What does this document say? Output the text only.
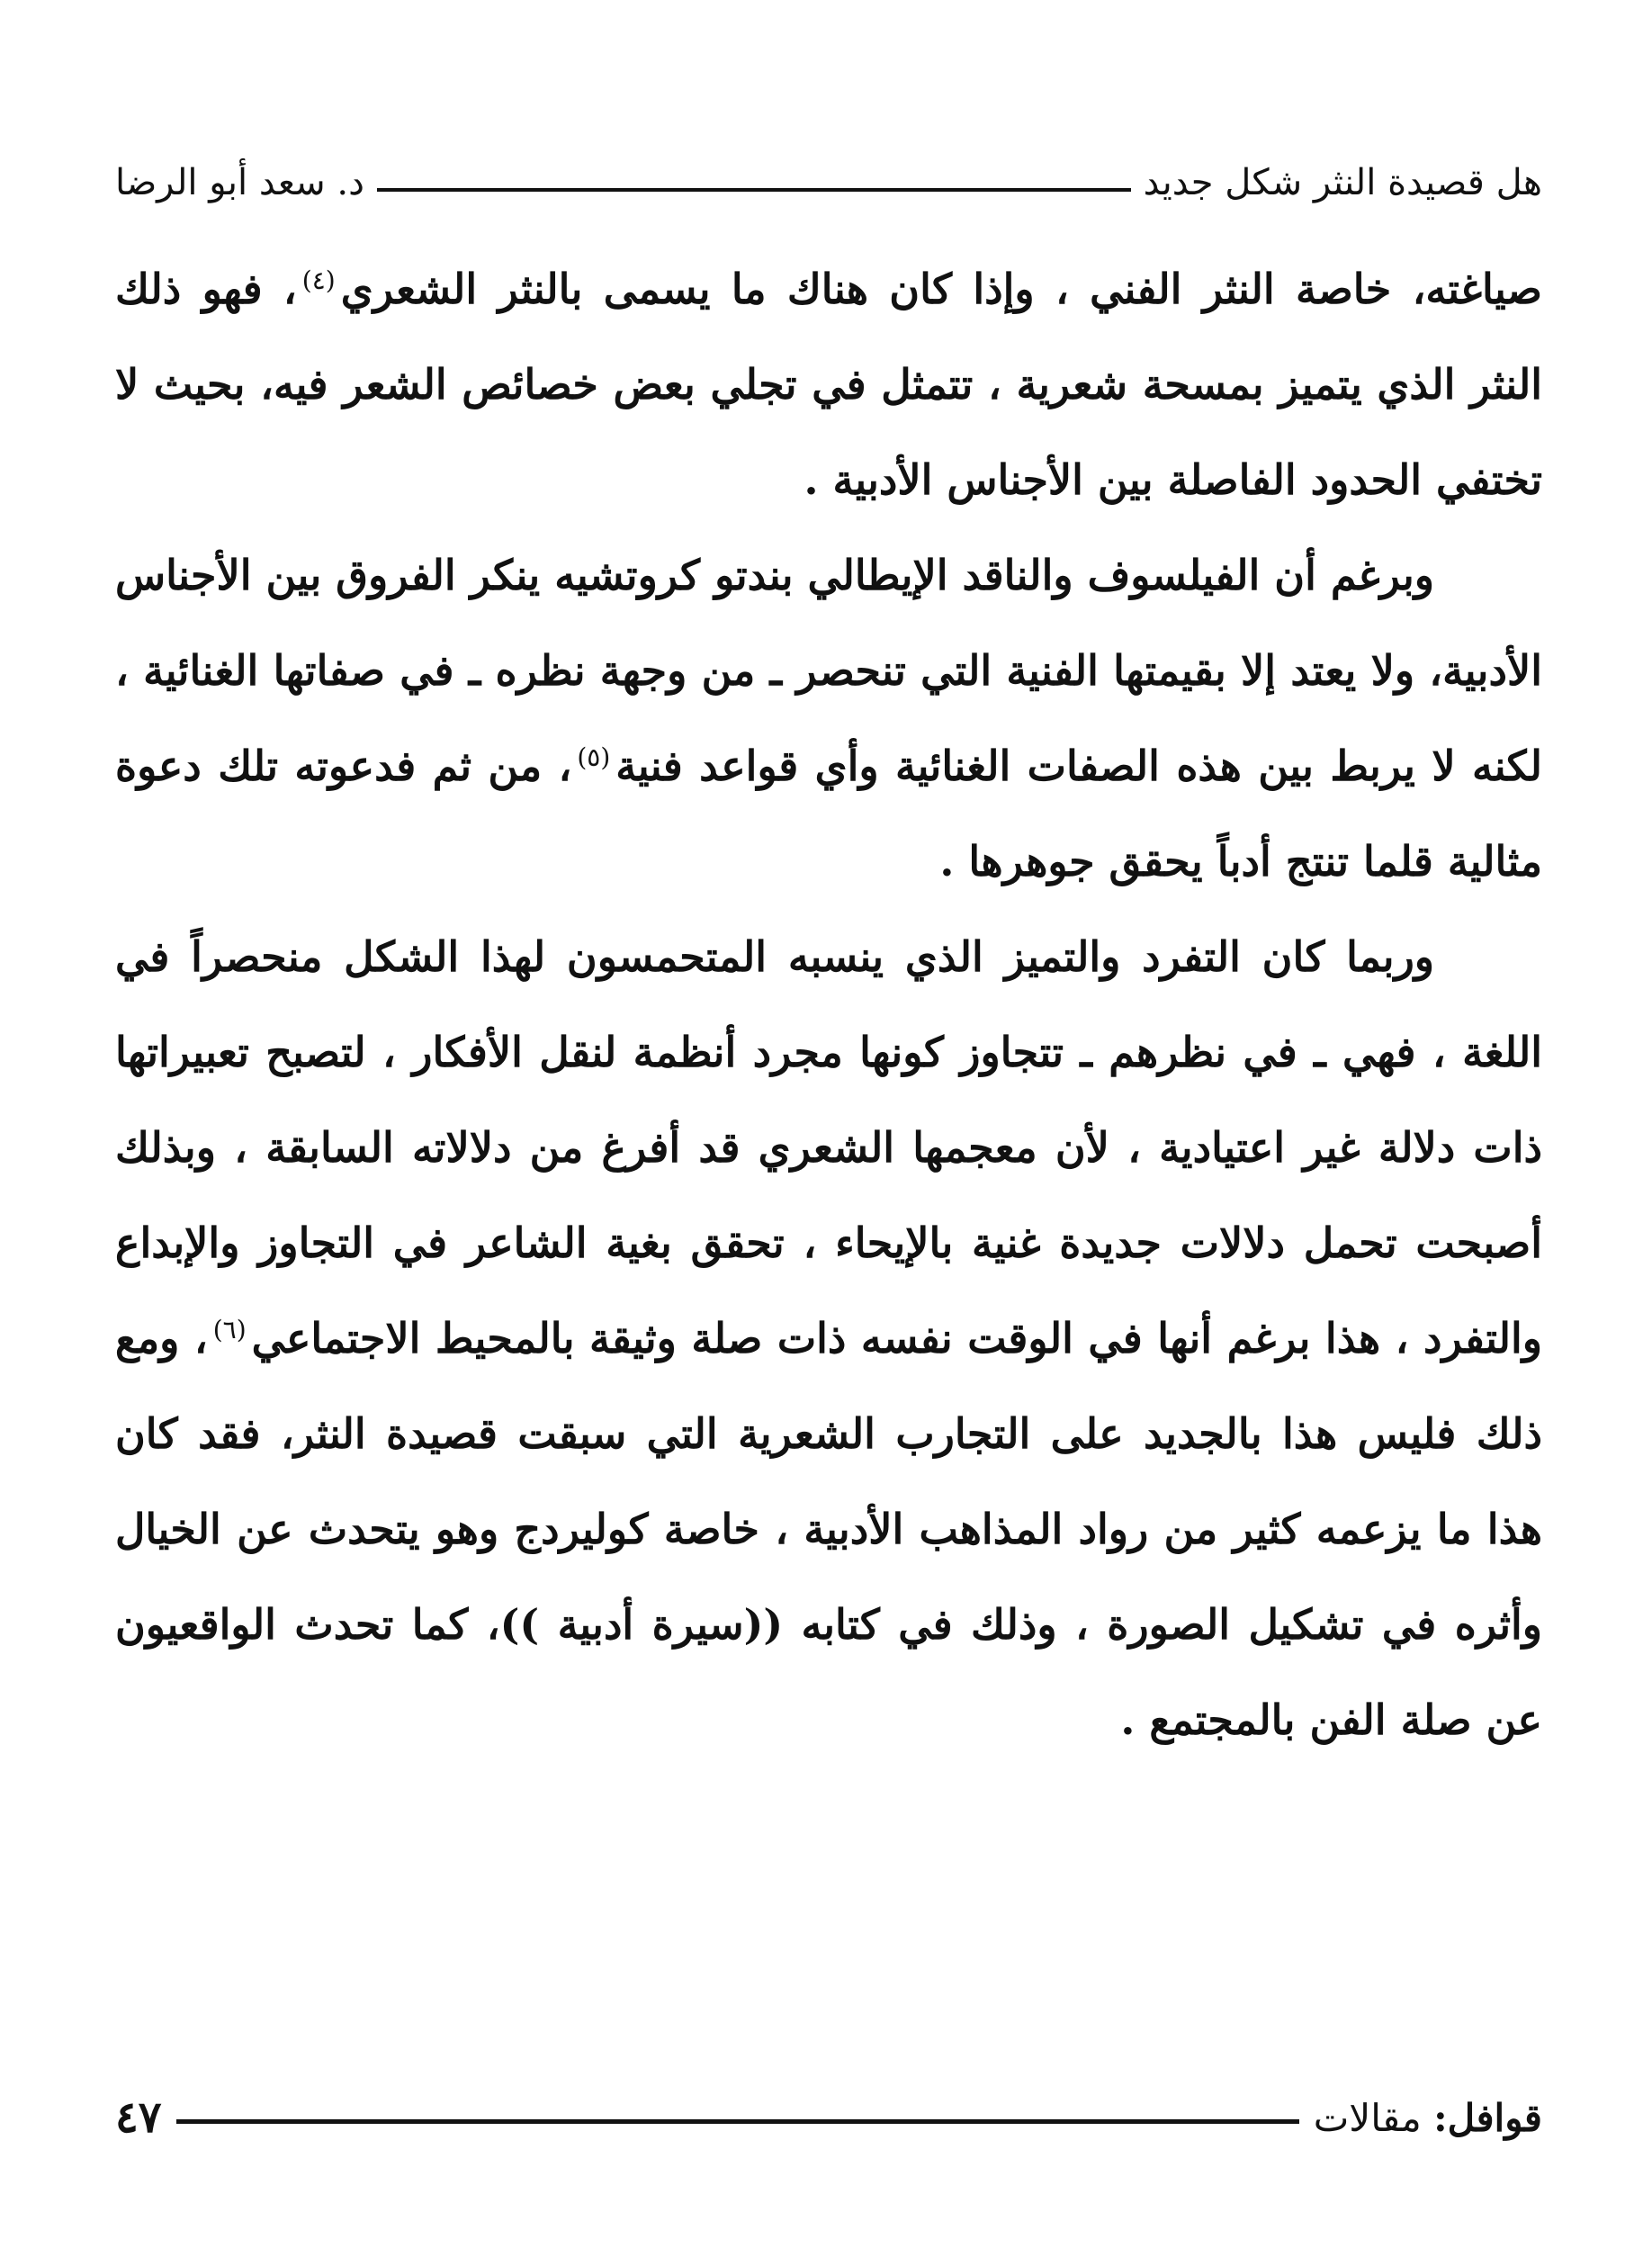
هل قصيدة النثر شكل جديد
د. سعد أبو الرضا

صياغته، خاصة النثر الفني ، وإذا كان هناك ما يسمى بالنثر الشعري$^{(٤)}$، فهو ذلك النثر الذي يتميز بمسحة شعرية ، تتمثل في تجلي بعض خصائص الشعر فيه، بحيث لا تختفي الحدود الفاصلة بين الأجناس الأدبية .

وبرغم أن الفيلسوف والناقد الإيطالي بندتو كروتشيه ينكر الفروق بين الأجناس الأدبية، ولا يعتد إلا بقيمتها الفنية التي تنحصر ـ من وجهة نظره ـ في صفاتها الغنائية ، لكنه لا يربط بين هذه الصفات الغنائية وأي قواعد فنية$^{(٥)}$، من ثم فدعوته تلك دعوة مثالية قلما تنتج أدباً يحقق جوهرها .

وربما كان التفرد والتميز الذي ينسبه المتحمسون لهذا الشكل منحصراً في اللغة ، فهي ـ في نظرهم ـ تتجاوز كونها مجرد أنظمة لنقل الأفكار ، لتصبح تعبيراتها ذات دلالة غير اعتيادية ، لأن معجمها الشعري قد أفرغ من دلالاته السابقة ، وبذلك أصبحت تحمل دلالات جديدة غنية بالإيحاء ، تحقق بغية الشاعر في التجاوز والإبداع والتفرد ، هذا برغم أنها في الوقت نفسه ذات صلة وثيقة بالمحيط الاجتماعي$^{(٦)}$، ومع ذلك فليس هذا بالجديد على التجارب الشعرية التي سبقت قصيدة النثر، فقد كان هذا ما يزعمه كثير من رواد المذاهب الأدبية ، خاصة كوليردج وهو يتحدث عن الخيال وأثره في تشكيل الصورة ، وذلك في كتابه ((سيرة أدبية ))، كما تحدث الواقعيون عن صلة الفن بالمجتمع .

قوافل: مقالات
٤٧
